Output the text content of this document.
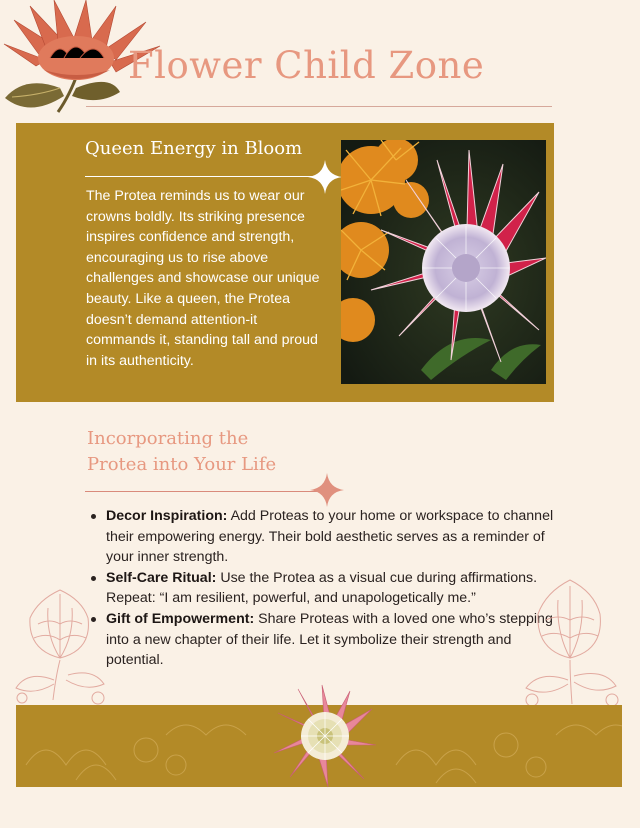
Flower Child Zone
Queen Energy in Bloom

The Protea reminds us to wear our crowns boldly. Its striking presence inspires confidence and strength, encouraging us to rise above challenges and showcase our unique beauty. Like a queen, the Protea doesn’t demand attention-it commands it, standing tall and proud in its authenticity.

Incorporating the
Protea into Your Life
Decor Inspiration: Add Proteas to your home or workspace to channel their empowering energy. Their bold aesthetic serves as a reminder of your inner strength.
Self-Care Ritual: Use the Protea as a visual cue during affirmations. Repeat: “I am resilient, powerful, and unapologetically me.”
Gift of Empowerment: Share Proteas with a loved one who’s stepping into a new chapter of their life. Let it symbolize their strength and potential.
